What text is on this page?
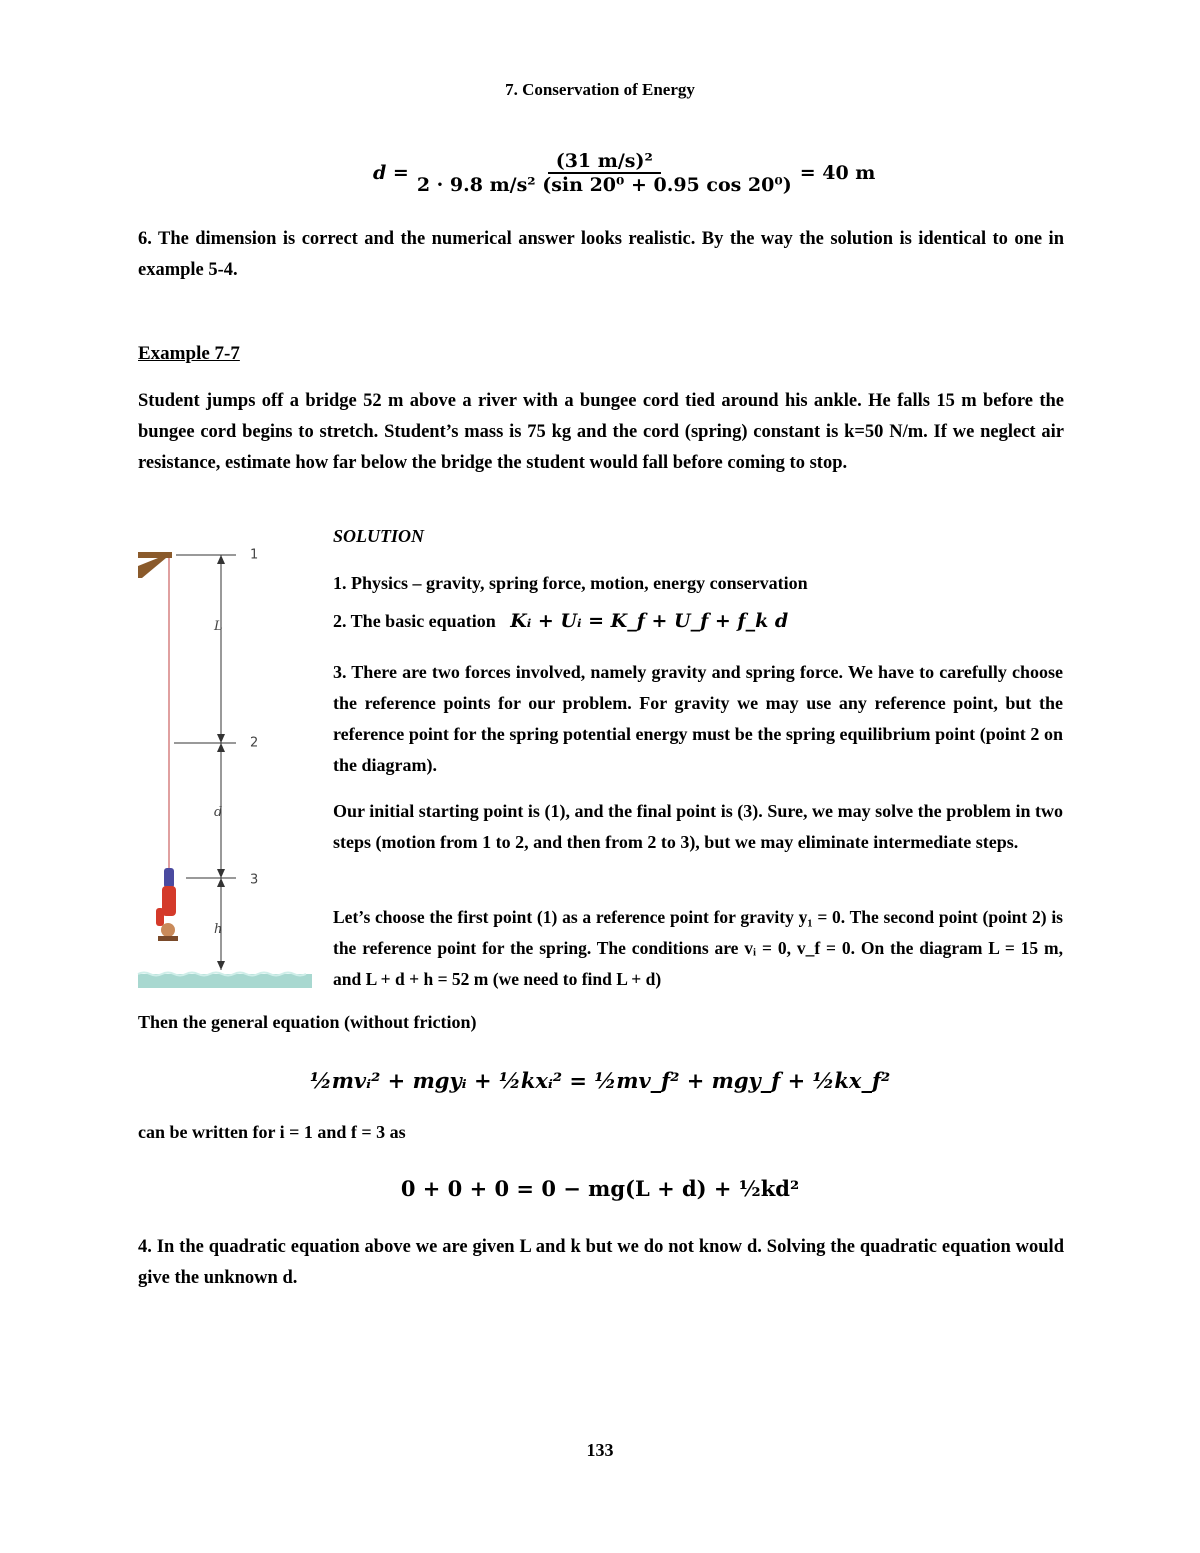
7. Conservation of Energy
$d = \frac{\text{(31 m/s)²}}{\text{2 · 9.8 m/s² (sin 20⁰ + 0.95 cos 20⁰)}} = 40$ m
6. The dimension is correct and the numerical answer looks realistic. By the way the solution is identical to one in example 5-4.
Example 7-7
Student jumps off a bridge 52 m above a river with a bungee cord tied around his ankle. He falls 15 m before the bungee cord begins to stretch. Student’s mass is 75 kg and the cord (spring) constant is k=50 N/m. If we neglect air resistance, estimate how far below the bridge the student would fall before coming to stop.
1
2
3
L
d
h
SOLUTION
1. Physics – gravity, spring force, motion, energy conservation
2. The basic equation Kᵢ + Uᵢ = K_f + U_f + f_k d
3. There are two forces involved, namely gravity and spring force. We have to carefully choose the reference points for our problem. For gravity we may use any reference point, but the reference point for the spring potential energy must be the spring equilibrium point (point 2 on the diagram).
Our initial starting point is (1), and the final point is (3). Sure, we may solve the problem in two steps (motion from 1 to 2, and then from 2 to 3), but we may eliminate intermediate steps.
Let’s choose the first point (1) as a reference point for gravity y₁ = 0. The second point (point 2) is the reference point for the spring. The conditions are vᵢ = 0, v_f = 0. On the diagram L = 15 m, and L + d + h = 52 m (we need to find L + d)
Then the general equation (without friction)
½mvᵢ² + mgyᵢ + ½kxᵢ² = ½mv_f² + mgy_f + ½kx_f²
can be written for i = 1 and f = 3 as
0 + 0 + 0 = 0 − mg(L + d) + ½kd²
4. In the quadratic equation above we are given L and k but we do not know d. Solving the quadratic equation would give the unknown d.
133
